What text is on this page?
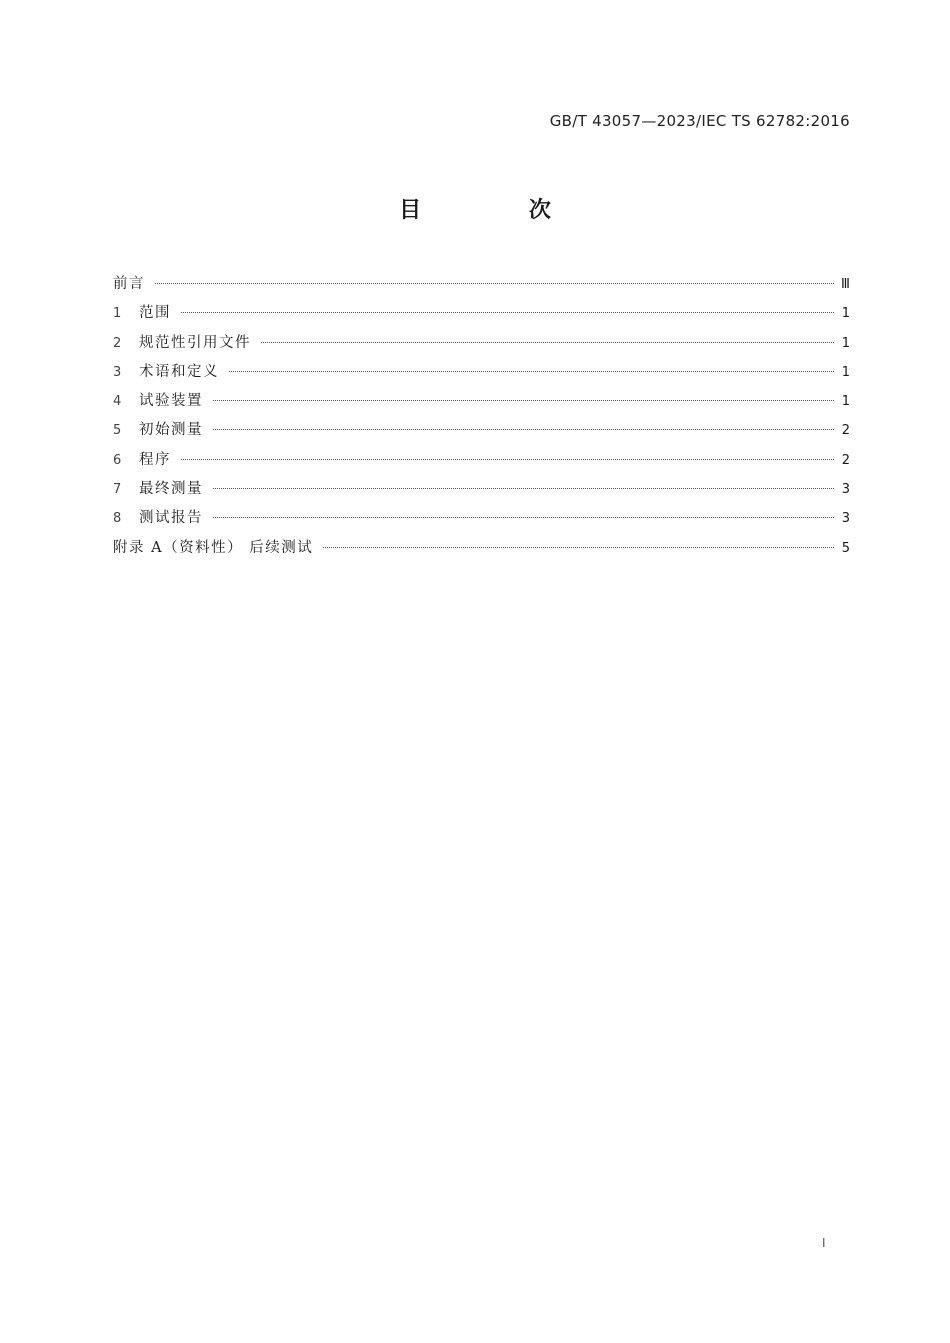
GB/T 43057—2023/IEC TS 62782:2016
目 次
前言	Ⅲ
1	范围	1
2	规范性引用文件	1
3	术语和定义	1
4	试验装置	1
5	初始测量	2
6	程序	2
7	最终测量	3
8	测试报告	3
附录 A（资料性） 后续测试	5
I
